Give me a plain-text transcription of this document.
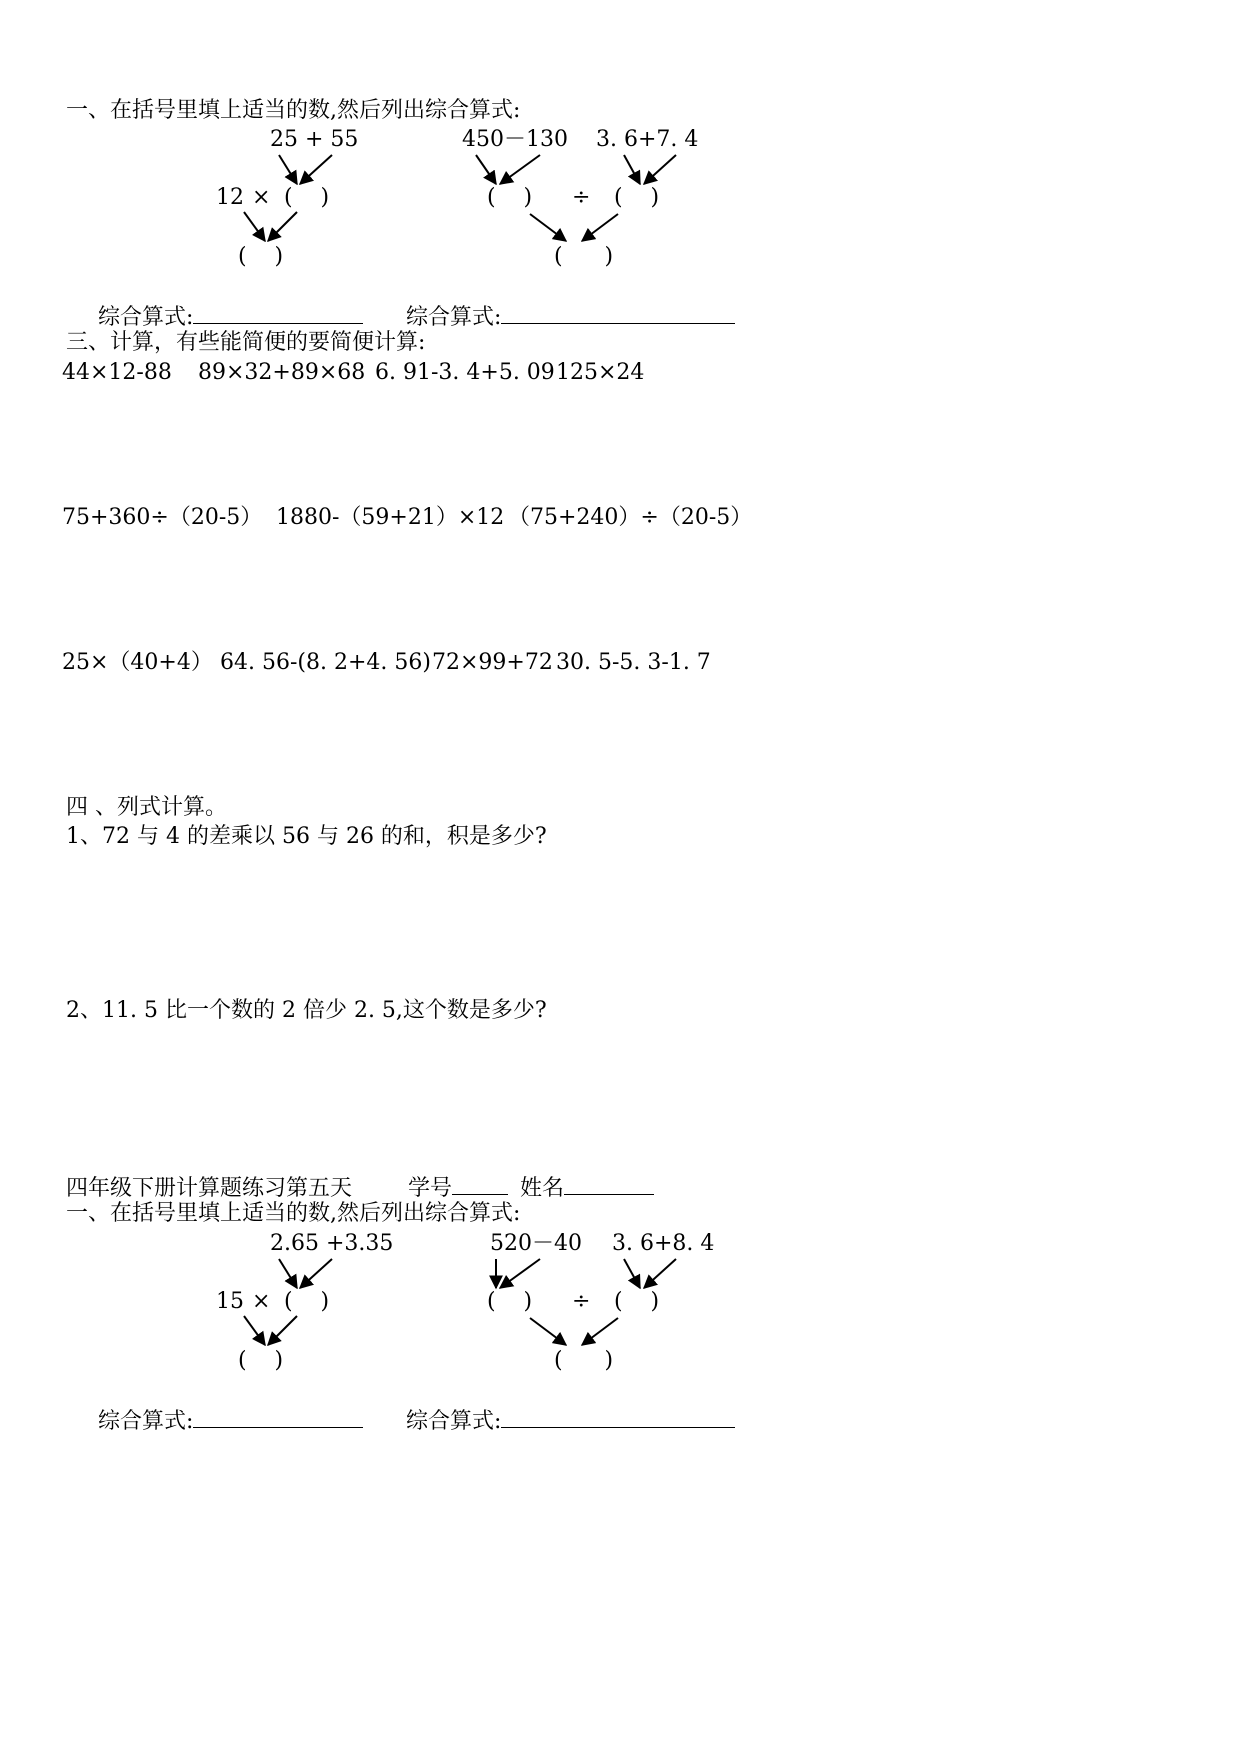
一、在括号里填上适当的数,然后列出综合算式:
25 + 55
12 × (    )
(    )
450－130 3. 6+7. 4
(    ) ÷ (    )
(      )
综合算式:	综合算式:
三、计算，有些能简便的要简便计算:
44×12-88 89×32+89×68 6. 91-3. 4+5. 09 125×24
75+360÷（20-5） 1880-（59+21）×12 （75+240）÷（20-5）
25×（40+4） 64. 56-(8. 2+4. 56) 72×99+72 30. 5-5. 3-1. 7
四 、列式计算。
1、72 与 4 的差乘以 56 与 26 的和，积是多少?
2、11. 5 比一个数的 2 倍少 2. 5,这个数是多少?
四年级下册计算题练习第五天	学号	姓名
一、在括号里填上适当的数,然后列出综合算式:
2.65 +3.35
15 × (    )
(    )
520－40 3. 6+8. 4
(    ) ÷ (    )
(      )
综合算式:	综合算式:
